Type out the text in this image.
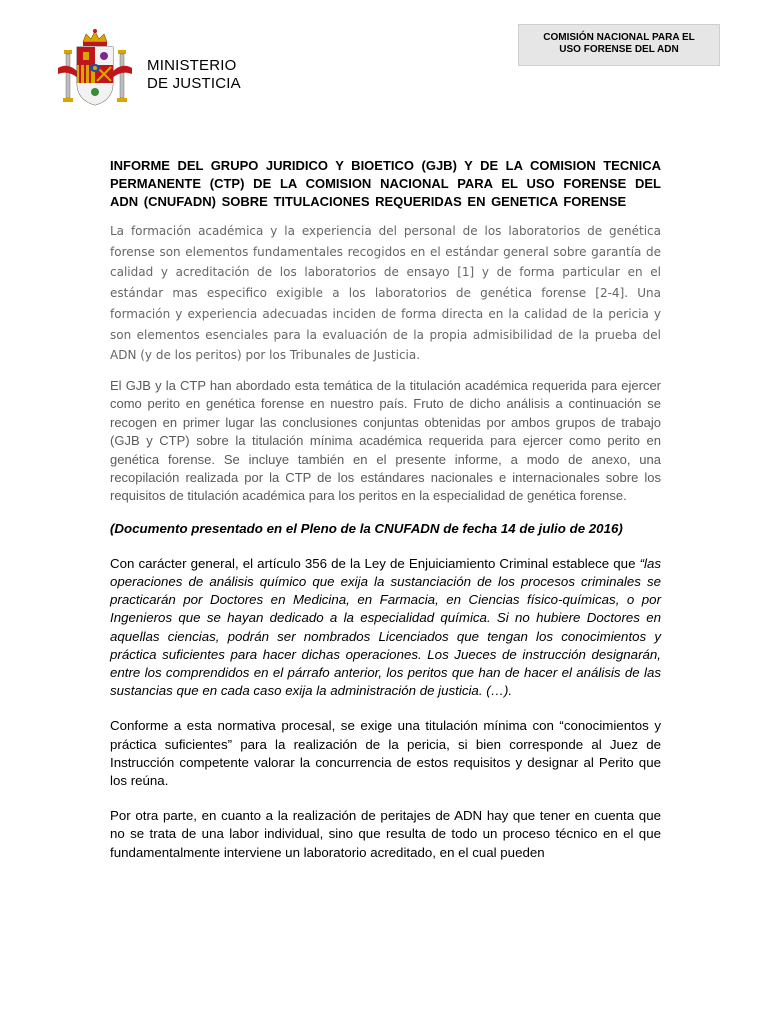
MINISTERIO
DE JUSTICIA
COMISIÓN NACIONAL PARA EL
USO FORENSE DEL ADN

INFORME DEL GRUPO JURIDICO Y BIOETICO (GJB) Y DE LA COMISION TECNICA PERMANENTE (CTP) DE LA COMISION NACIONAL PARA EL USO FORENSE DEL ADN (CNUFADN) SOBRE TITULACIONES REQUERIDAS EN GENETICA FORENSE

La formación académica y la experiencia del personal de los laboratorios de genética forense son elementos fundamentales recogidos en el estándar general sobre garantía de calidad y acreditación de los laboratorios de ensayo [1] y de forma particular en el estándar mas especifico exigible a los laboratorios de genética forense [2-4]. Una formación y experiencia adecuadas inciden de forma directa en la calidad de la pericia y son elementos esenciales para la evaluación de la propia admisibilidad de la prueba del ADN (y de los peritos) por los Tribunales de Justicia.

El GJB y la CTP han abordado esta temática de la titulación académica requerida para ejercer como perito en genética forense en nuestro país. Fruto de dicho análisis a continuación se recogen en primer lugar las conclusiones conjuntas obtenidas por ambos grupos de trabajo (GJB y CTP) sobre la titulación mínima académica requerida para ejercer como perito en genética forense. Se incluye también en el presente informe, a modo de anexo, una recopilación realizada por la CTP de los estándares nacionales e internacionales sobre los requisitos de titulación académica para los peritos en la especialidad de genética forense.

(Documento presentado en el Pleno de la CNUFADN de fecha 14 de julio de 2016)

Con carácter general, el artículo 356 de la Ley de Enjuiciamiento Criminal establece que “las operaciones de análisis químico que exija la sustanciación de los procesos criminales se practicarán por Doctores en Medicina, en Farmacia, en Ciencias físico-químicas, o por Ingenieros que se hayan dedicado a la especialidad química. Si no hubiere Doctores en aquellas ciencias, podrán ser nombrados Licenciados que tengan los conocimientos y práctica suficientes para hacer dichas operaciones. Los Jueces de instrucción designarán, entre los comprendidos en el párrafo anterior, los peritos que han de hacer el análisis de las sustancias que en cada caso exija la administración de justicia. (…).

Conforme a esta normativa procesal, se exige una titulación mínima con “conocimientos y práctica suficientes” para la realización de la pericia, si bien corresponde al Juez de Instrucción competente valorar la concurrencia de estos requisitos y designar al Perito que los reúna.

Por otra parte, en cuanto a la realización de peritajes de ADN hay que tener en cuenta que no se trata de una labor individual, sino que resulta de todo un proceso técnico en el que fundamentalmente interviene un laboratorio acreditado, en el cual pueden
